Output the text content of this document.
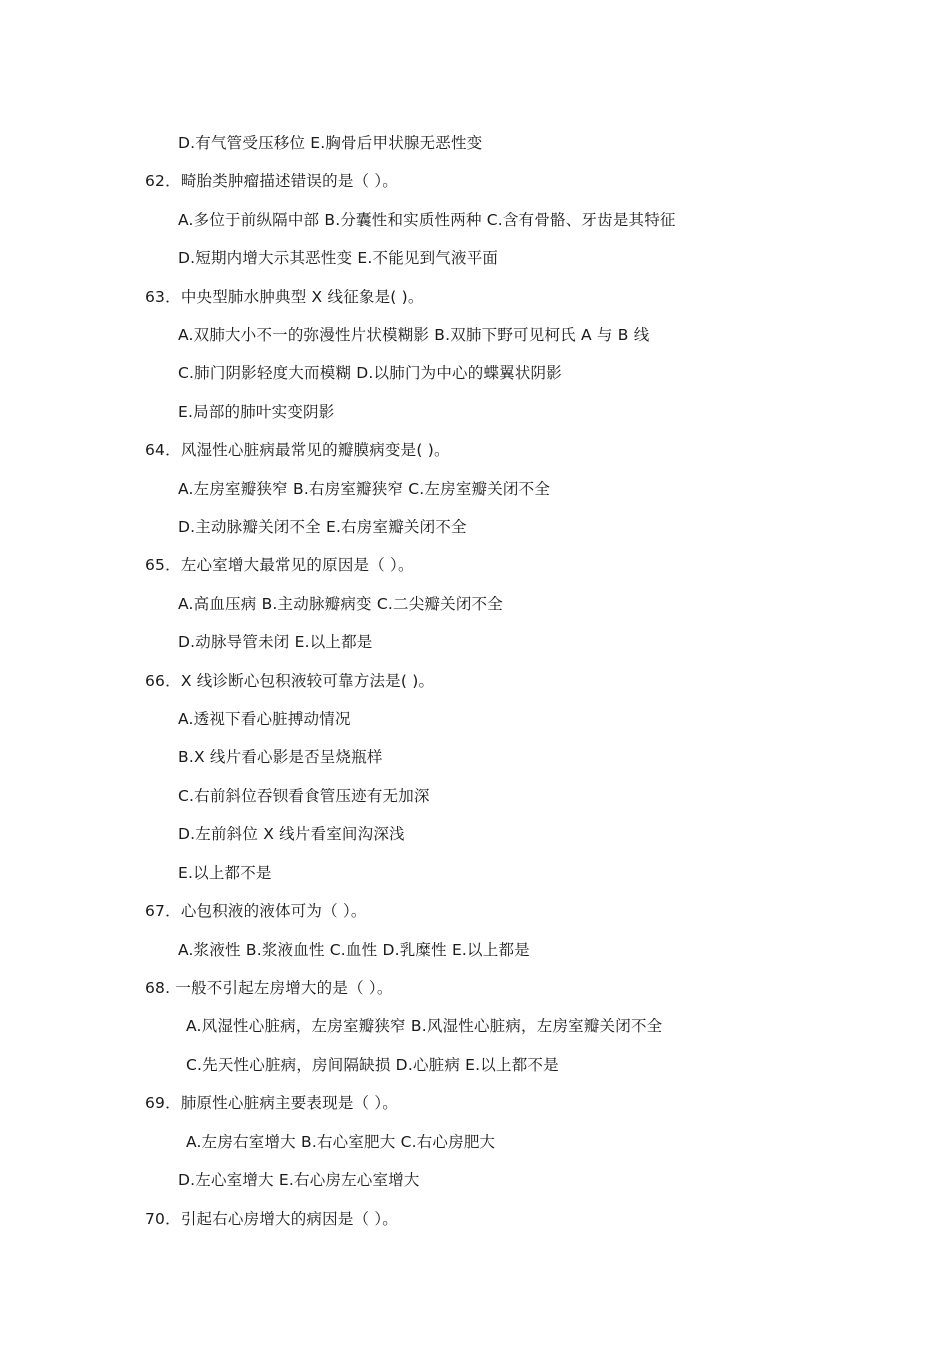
D.有气管受压移位 E.胸骨后甲状腺无恶性变
62．畸胎类肿瘤描述错误的是（ ）。
A.多位于前纵隔中部 B.分囊性和实质性两种 C.含有骨骼、牙齿是其特征
D.短期内增大示其恶性变 E.不能见到气液平面
63．中央型肺水肿典型 X 线征象是( )。
A.双肺大小不一的弥漫性片状模糊影 B.双肺下野可见柯氏 A 与 B 线
C.肺门阴影轻度大而模糊 D.以肺门为中心的蝶翼状阴影
E.局部的肺叶实变阴影
64．风湿性心脏病最常见的瓣膜病变是( )。
A.左房室瓣狭窄 B.右房室瓣狭窄 C.左房室瓣关闭不全
D.主动脉瓣关闭不全 E.右房室瓣关闭不全
65．左心室增大最常见的原因是（ ）。
A.高血压病 B.主动脉瓣病变 C.二尖瓣关闭不全
D.动脉导管未闭 E.以上都是
66．X 线诊断心包积液较可靠方法是( )。
A.透视下看心脏搏动情况
B.X 线片看心影是否呈烧瓶样
C.右前斜位吞钡看食管压迹有无加深
D.左前斜位 X 线片看室间沟深浅
E.以上都不是
67．心包积液的液体可为（ ）。
A.浆液性 B.浆液血性 C.血性 D.乳糜性 E.以上都是
68. 一般不引起左房增大的是（ ）。
A.风湿性心脏病，左房室瓣狭窄 B.风湿性心脏病，左房室瓣关闭不全
C.先天性心脏病，房间隔缺损 D.心脏病 E.以上都不是
69．肺原性心脏病主要表现是（ ）。
A.左房右室增大 B.右心室肥大 C.右心房肥大
D.左心室增大 E.右心房左心室增大
70．引起右心房增大的病因是（ ）。
